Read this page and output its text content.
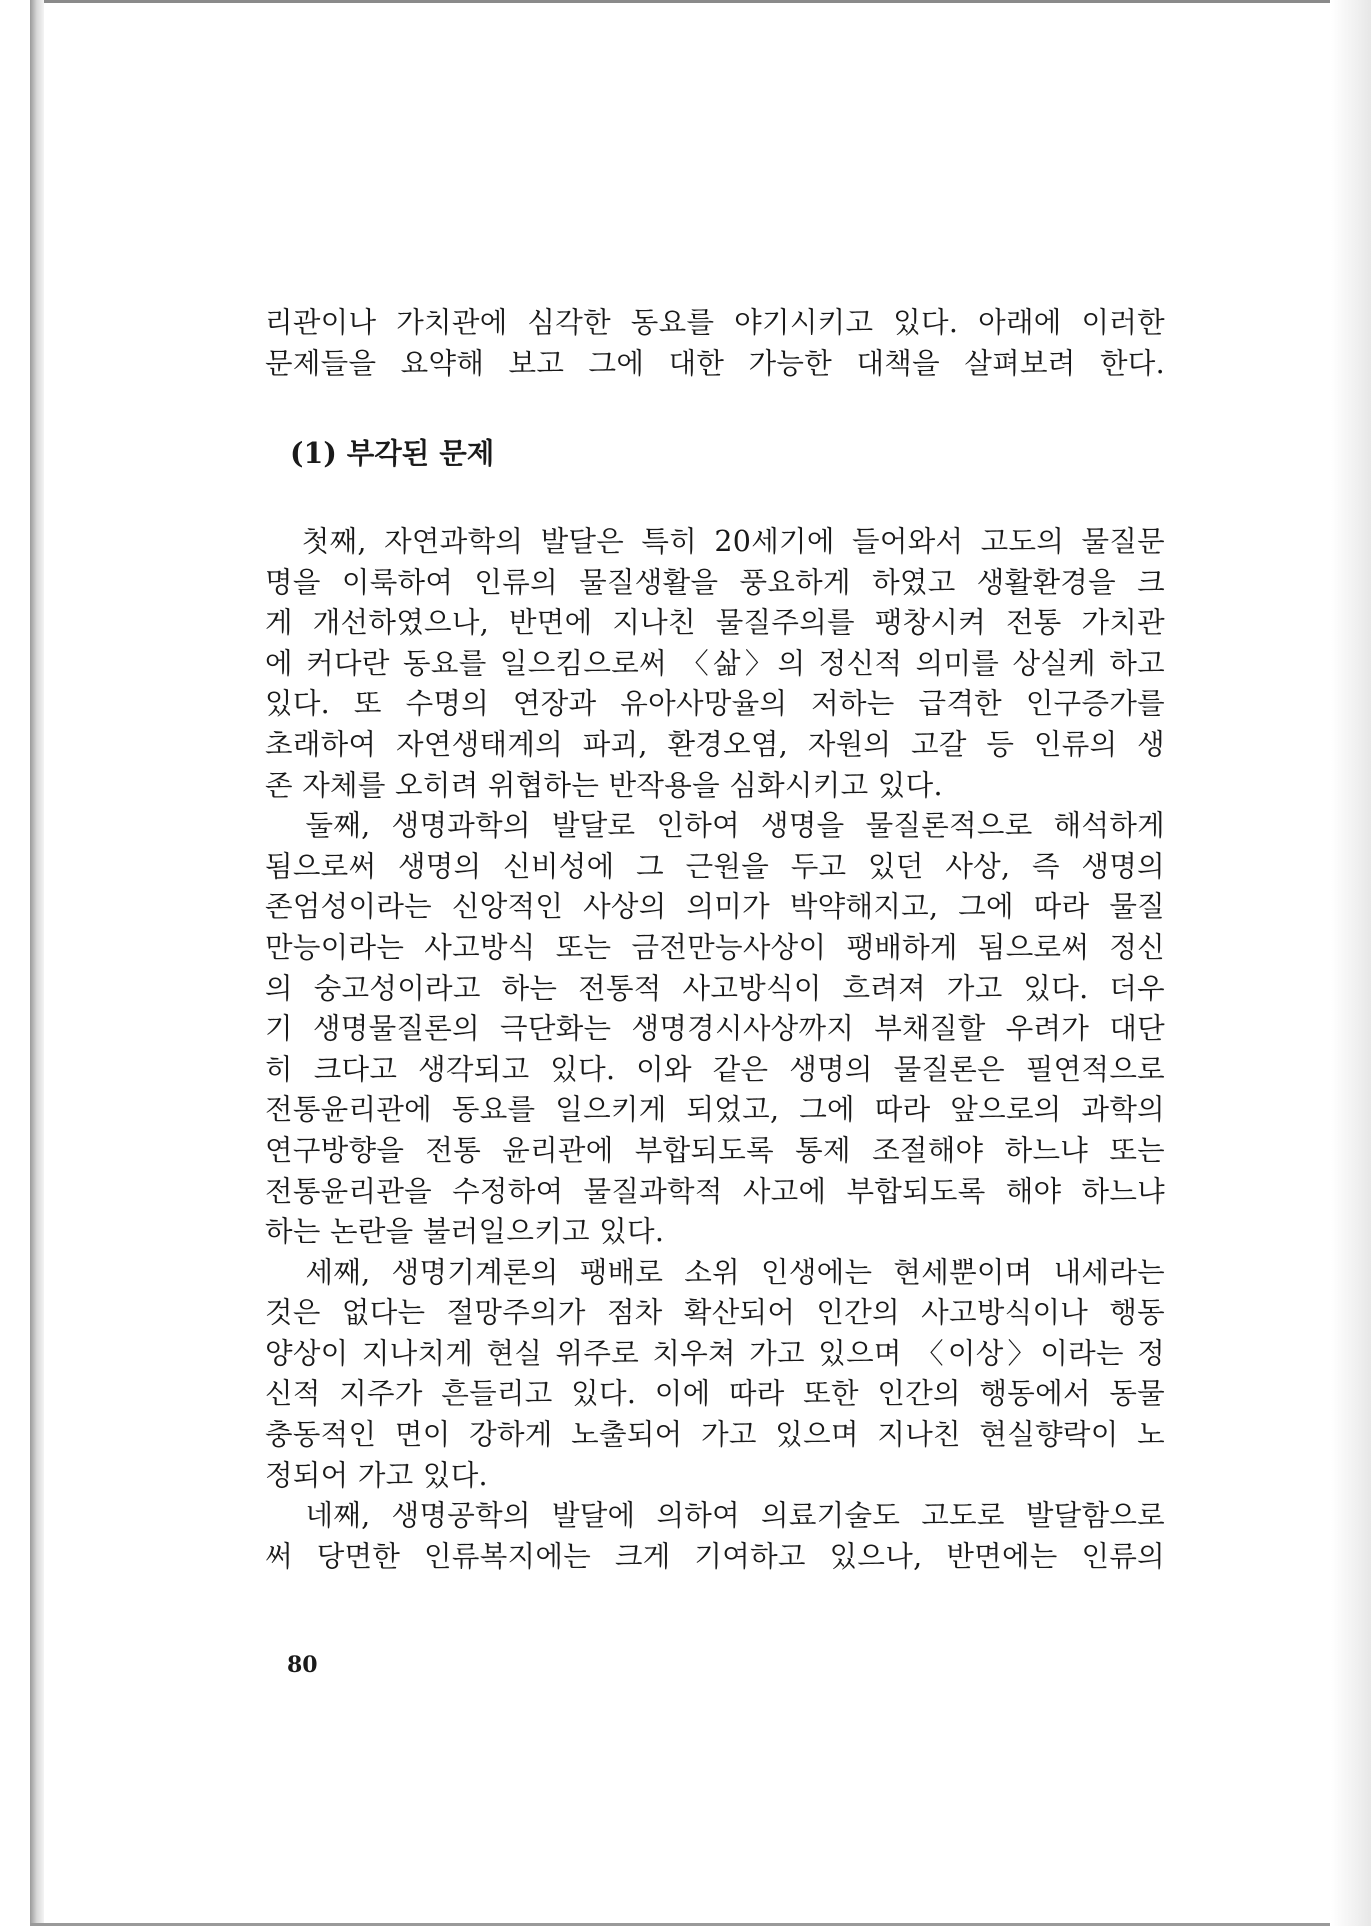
리관이나 가치관에 심각한 동요를 야기시키고 있다. 아래에 이러한
문제들을 요약해 보고 그에 대한 가능한 대책을 살펴보려 한다.
(1) 부각된 문제
　첫째, 자연과학의 발달은 특히 20세기에 들어와서 고도의 물질문
명을 이룩하여 인류의 물질생활을 풍요하게 하였고 생활환경을 크
게 개선하였으나, 반면에 지나친 물질주의를 팽창시켜 전통 가치관
에 커다란 동요를 일으킴으로써 〈삶〉의 정신적 의미를 상실케 하고
있다. 또 수명의 연장과 유아사망율의 저하는 급격한 인구증가를
초래하여 자연생태계의 파괴, 환경오염, 자원의 고갈 등 인류의 생
존 자체를 오히려 위협하는 반작용을 심화시키고 있다.
　둘째, 생명과학의 발달로 인하여 생명을 물질론적으로 해석하게
됨으로써 생명의 신비성에 그 근원을 두고 있던 사상, 즉 생명의
존엄성이라는 신앙적인 사상의 의미가 박약해지고, 그에 따라 물질
만능이라는 사고방식 또는 금전만능사상이 팽배하게 됨으로써 정신
의 숭고성이라고 하는 전통적 사고방식이 흐려져 가고 있다. 더우
기 생명물질론의 극단화는 생명경시사상까지 부채질할 우려가 대단
히 크다고 생각되고 있다. 이와 같은 생명의 물질론은 필연적으로
전통윤리관에 동요를 일으키게 되었고, 그에 따라 앞으로의 과학의
연구방향을 전통 윤리관에 부합되도록 통제 조절해야 하느냐 또는
전통윤리관을 수정하여 물질과학적 사고에 부합되도록 해야 하느냐
하는 논란을 불러일으키고 있다.
　세째, 생명기계론의 팽배로 소위 인생에는 현세뿐이며 내세라는
것은 없다는 절망주의가 점차 확산되어 인간의 사고방식이나 행동
양상이 지나치게 현실 위주로 치우쳐 가고 있으며 〈이상〉이라는 정
신적 지주가 흔들리고 있다. 이에 따라 또한 인간의 행동에서 동물
충동적인 면이 강하게 노출되어 가고 있으며 지나친 현실향락이 노
정되어 가고 있다.
　네째, 생명공학의 발달에 의하여 의료기술도 고도로 발달함으로
써 당면한 인류복지에는 크게 기여하고 있으나, 반면에는 인류의
80
